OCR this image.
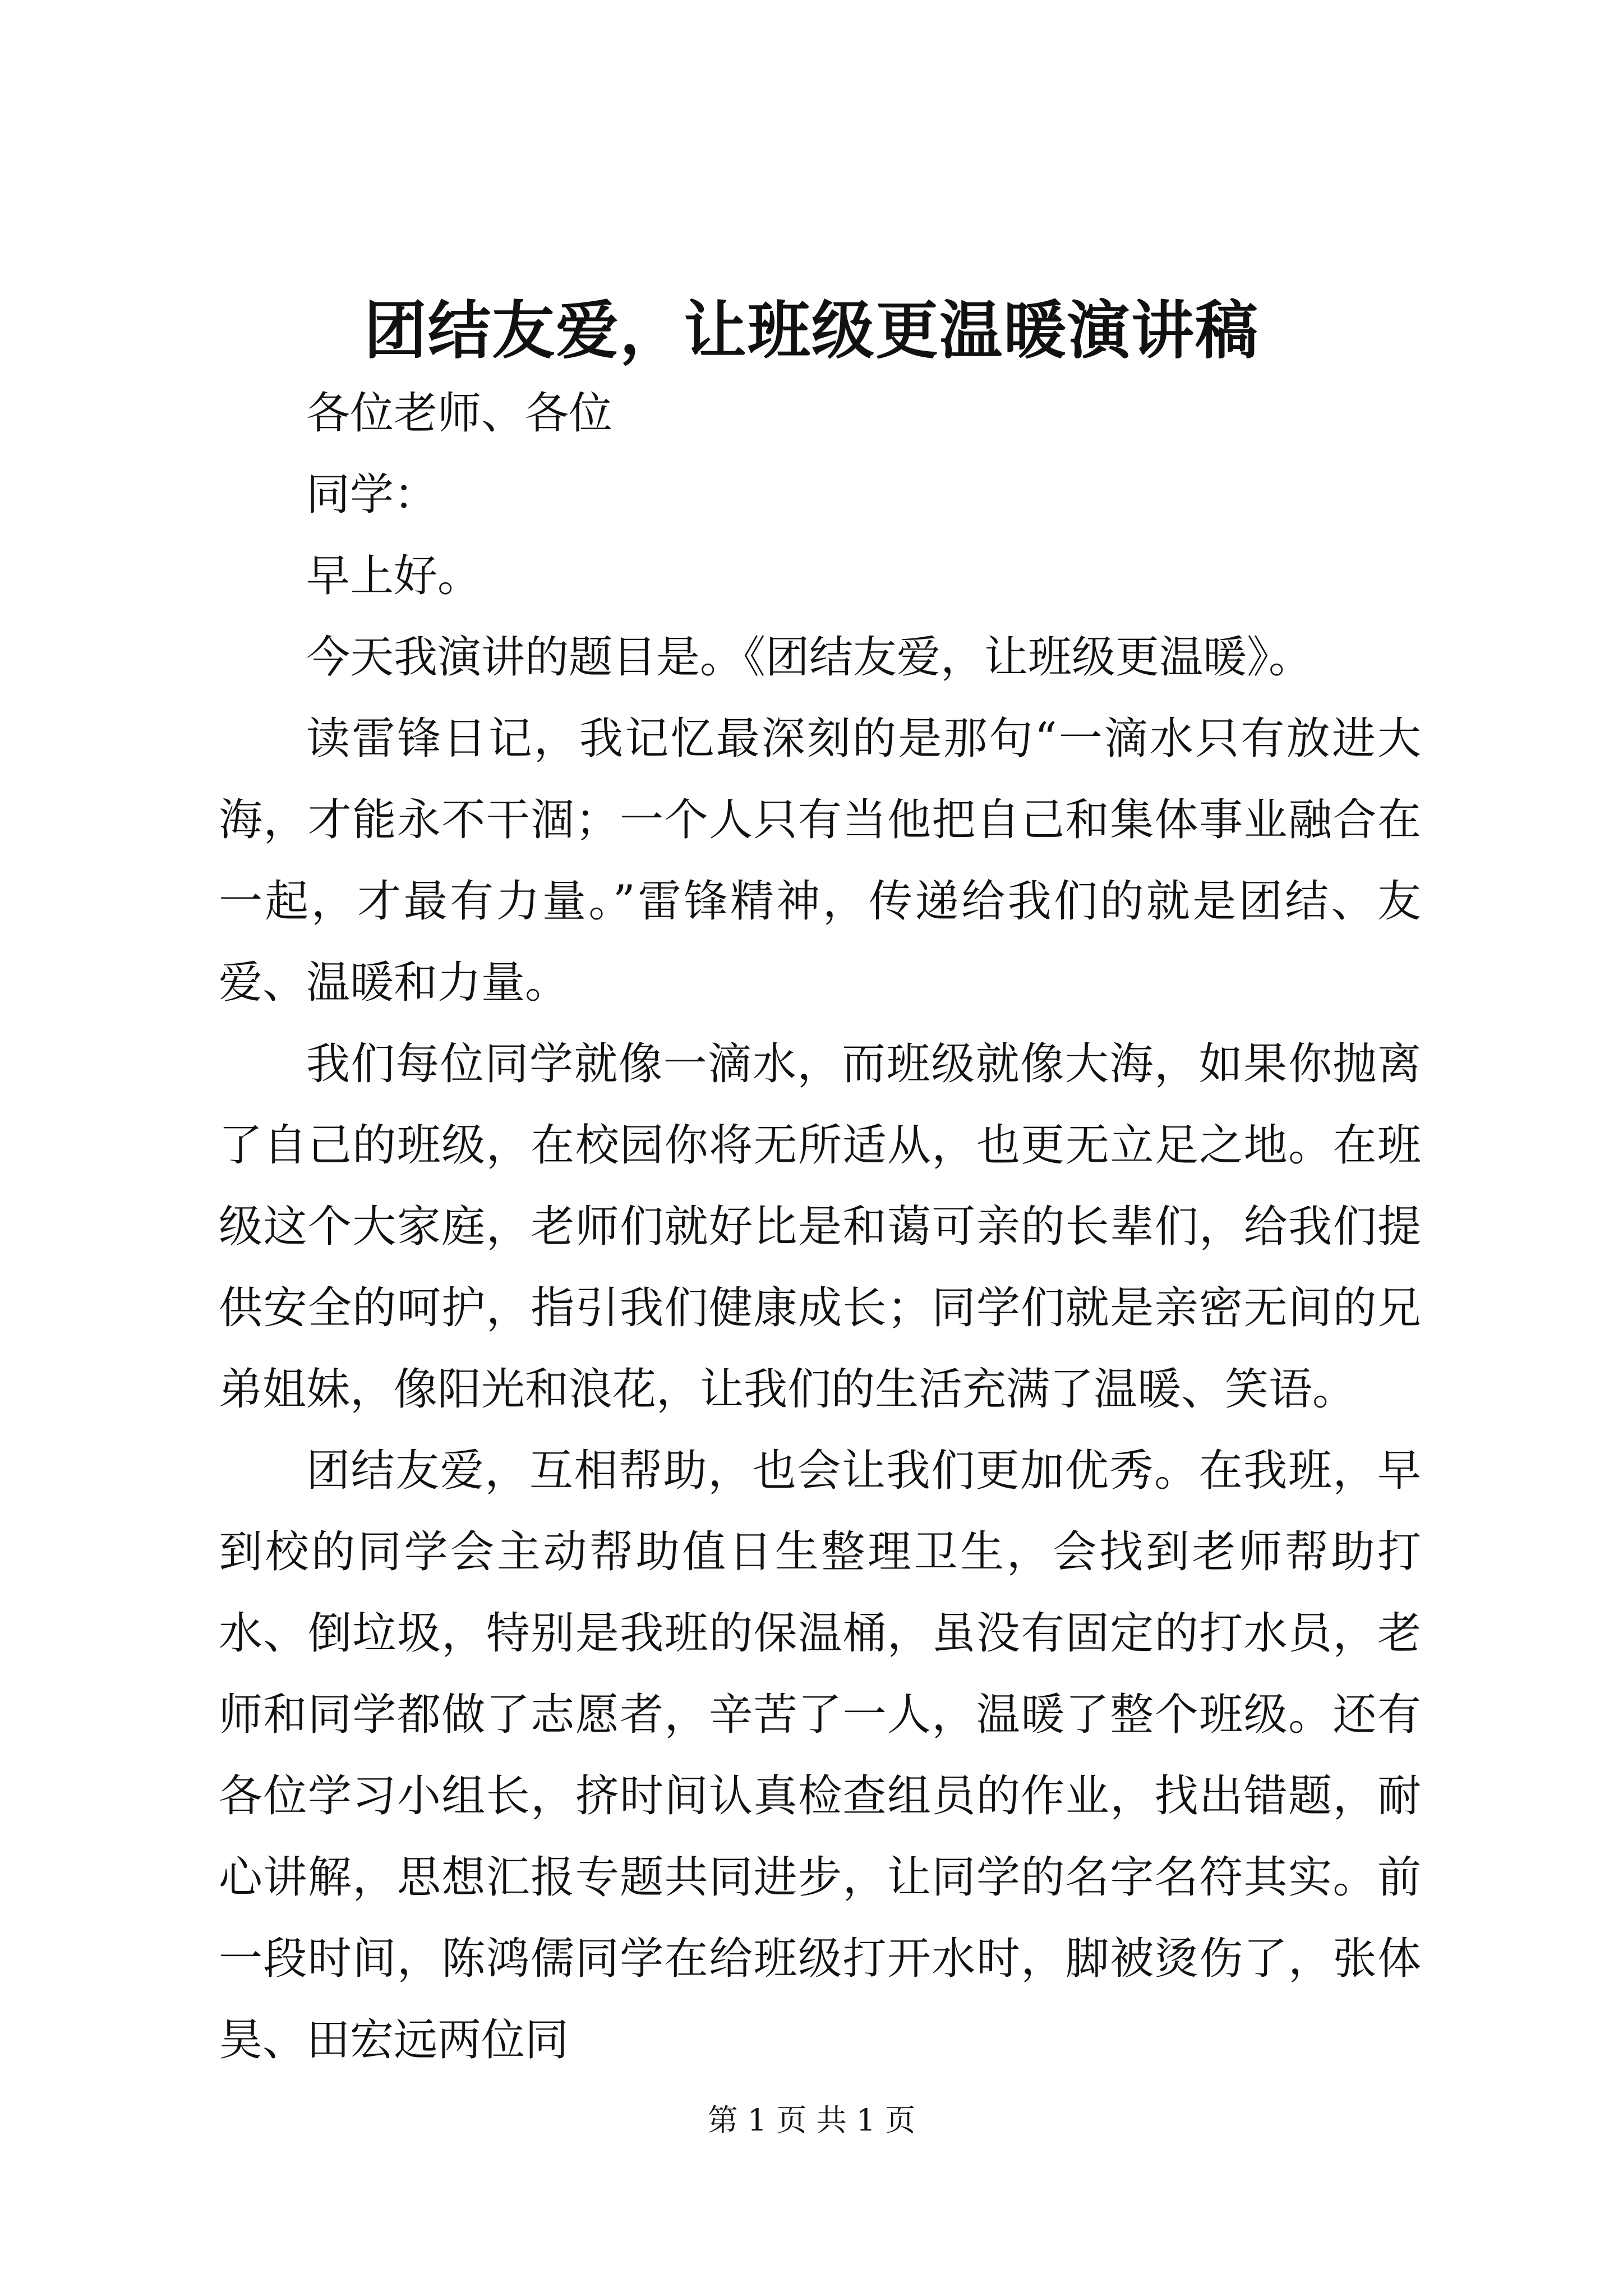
团结友爱，让班级更温暖演讲稿

各位老师、各位

同学：

早上好。

今天我演讲的题目是。《团结友爱，让班级更温暖》。

读雷锋日记，我记忆最深刻的是那句“一滴水只有放进大海，才能永不干涸；一个人只有当他把自己和集体事业融合在一起，才最有力量。”雷锋精神，传递给我们的就是团结、友爱、温暖和力量。

我们每位同学就像一滴水，而班级就像大海，如果你抛离了自己的班级，在校园你将无所适从，也更无立足之地。在班级这个大家庭，老师们就好比是和蔼可亲的长辈们，给我们提供安全的呵护，指引我们健康成长；同学们就是亲密无间的兄弟姐妹，像阳光和浪花，让我们的生活充满了温暖、笑语。

团结友爱，互相帮助，也会让我们更加优秀。在我班，早到校的同学会主动帮助值日生整理卫生，会找到老师帮助打水、倒垃圾，特别是我班的保温桶，虽没有固定的打水员，老师和同学都做了志愿者，辛苦了一人，温暖了整个班级。还有各位学习小组长，挤时间认真检查组员的作业，找出错题，耐心讲解，思想汇报专题共同进步，让同学的名字名符其实。前一段时间，陈鸿儒同学在给班级打开水时，脚被烫伤了，张体昊、田宏远两位同

第 1 页 共 1 页
